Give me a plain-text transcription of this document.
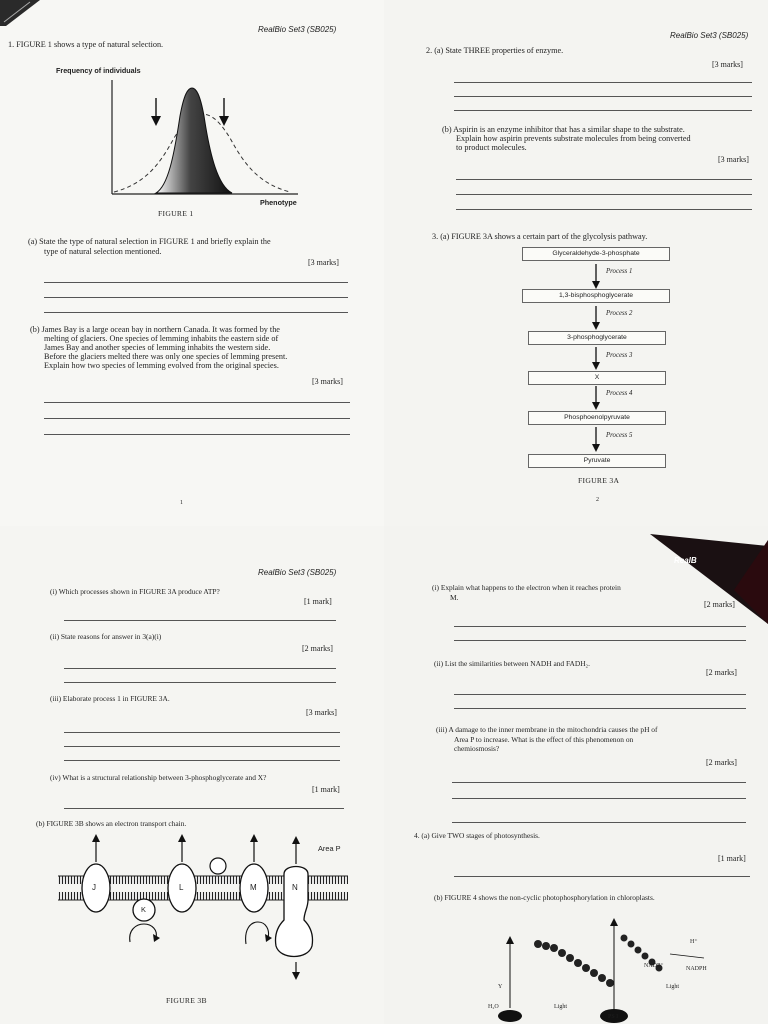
RealBio Set3 (SB025)
1. FIGURE 1 shows a type of natural selection.
Frequency of individuals
Phenotype
FIGURE 1
(a) State the type of natural selection in FIGURE 1 and briefly explain the
type of natural selection mentioned.
[3 marks]
(b) James Bay is a large ocean bay in northern Canada. It was formed by the
melting of glaciers. One species of lemming inhabits the eastern side of
James Bay and another species of lemming inhabits the western side.
Before the glaciers melted there was only one species of lemming present.
Explain how two species of lemming evolved from the original species.
[3 marks]
1
RealBio Set3 (SB025)
2. (a) State THREE properties of enzyme.
[3 marks]
(b) Aspirin is an enzyme inhibitor that has a similar shape to the substrate.
Explain how aspirin prevents substrate molecules from being converted
to product molecules.
[3 marks]
3. (a) FIGURE 3A shows a certain part of the glycolysis pathway.
Glyceraldehyde-3-phosphate
1,3-bisphosphoglycerate
3-phosphoglycerate
X
Phosphoenolpyruvate
Pyruvate
Process 1
Process 2
Process 3
Process 4
Process 5
FIGURE 3A
2
RealBio Set3 (SB025)
(i) Which processes shown in FIGURE 3A produce ATP?
[1 mark]
(ii) State reasons for answer in 3(a)(i)
[2 marks]
(iii) Elaborate process 1 in FIGURE 3A.
[3 marks]
(iv) What is a structural relationship between 3-phosphoglycerate and X?
[1 mark]
(b) FIGURE 3B shows an electron transport chain.
Area P
J
K
L	M	N
FIGURE 3B
RealB
(i) Explain what happens to the electron when it reaches protein
M.
[2 marks]
(ii) List the similarities between NADH and FADH₂.
[2 marks]
(iii) A damage to the inner membrane in the mitochondria causes the pH of
Area P to increase. What is the effect of this phenomenon on
chemiosmosis?
[2 marks]
4. (a) Give TWO stages of photosynthesis.
[1 mark]
(b) FIGURE 4 shows the non-cyclic photophosphorylation in chloroplasts.
H⁺
NADP⁺	NADPH
Light
Y
H₂O	Light
PS I
